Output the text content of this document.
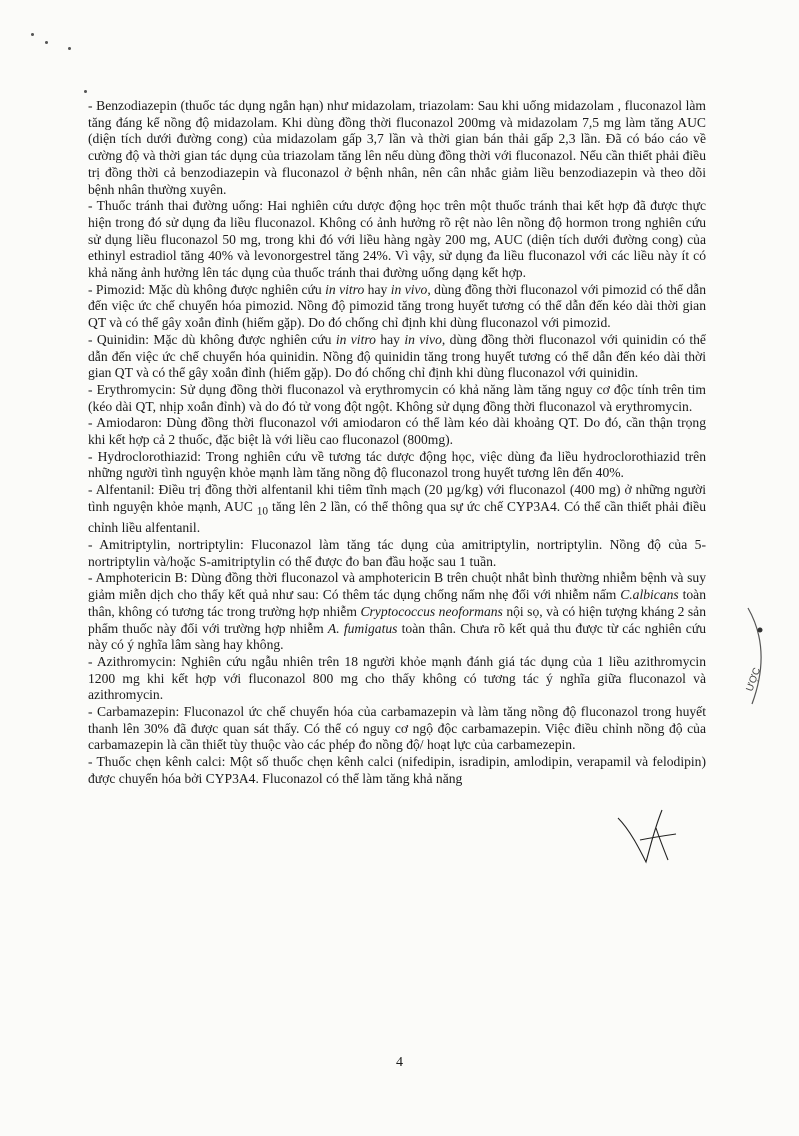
- Benzodiazepin (thuốc tác dụng ngắn hạn) như midazolam, triazolam: Sau khi uống midazolam , fluconazol làm tăng đáng kể nồng độ midazolam. Khi dùng đồng thời fluconazol 200mg và midazolam 7,5 mg làm tăng AUC (diện tích dưới đường cong) của midazolam gấp 3,7 lần và thời gian bán thải gấp 2,3 lần. Đã có báo cáo về cường độ và thời gian tác dụng của triazolam tăng lên nếu dùng đồng thời với fluconazol. Nếu cần thiết phải điều trị đồng thời cả benzodiazepin và fluconazol ở bệnh nhân, nên cân nhắc giảm liều benzodiazepin và theo dõi bệnh nhân thường xuyên.

- Thuốc tránh thai đường uống: Hai nghiên cứu dược động học trên một thuốc tránh thai kết hợp đã được thực hiện trong đó sử dụng đa liều fluconazol. Không có ảnh hưởng rõ rệt nào lên nồng độ hormon trong nghiên cứu sử dụng liều fluconazol 50 mg, trong khi đó với liều hàng ngày 200 mg, AUC (diện tích dưới đường cong) của ethinyl estradiol tăng 40% và levonorgestrel tăng 24%. Vì vậy, sử dụng đa liều fluconazol với các liều này ít có khả năng ảnh hưởng lên tác dụng của thuốc tránh thai đường uống dạng kết hợp.

- Pimozid: Mặc dù không được nghiên cứu in vitro hay in vivo, dùng đồng thời fluconazol với pimozid có thể dẫn đến việc ức chế chuyển hóa pimozid. Nồng độ pimozid tăng trong huyết tương có thể dẫn đến kéo dài thời gian QT và có thể gây xoắn đỉnh (hiếm gặp). Do đó chống chỉ định khi dùng fluconazol với pimozid.

- Quinidin: Mặc dù không được nghiên cứu in vitro hay in vivo, dùng đồng thời fluconazol với quinidin có thể dẫn đến việc ức chế chuyển hóa quinidin. Nồng độ quinidin tăng trong huyết tương có thể dẫn đến kéo dài thời gian QT và có thể gây xoắn đỉnh (hiếm gặp). Do đó chống chỉ định khi dùng fluconazol với quinidin.

- Erythromycin: Sử dụng đồng thời fluconazol và erythromycin có khả năng làm tăng nguy cơ độc tính trên tim (kéo dài QT, nhịp xoắn đỉnh) và do đó tử vong đột ngột. Không sử dụng đồng thời fluconazol và erythromycin.

- Amiodaron: Dùng đồng thời fluconazol với amiodaron có thể làm kéo dài khoảng QT. Do đó, cần thận trọng khi kết hợp cả 2 thuốc, đặc biệt là với liều cao fluconazol (800mg).

- Hydroclorothiazid: Trong nghiên cứu về tương tác dược động học, việc dùng đa liều hydroclorothiazid trên những người tình nguyện khỏe mạnh làm tăng nồng độ fluconazol trong huyết tương lên đến 40%.

- Alfentanil: Điều trị đồng thời alfentanil khi tiêm tĩnh mạch (20 µg/kg) với fluconazol (400 mg) ở những người tình nguyện khỏe mạnh, AUC $_{10}$ tăng lên 2 lần, có thể thông qua sự ức chế CYP3A4. Có thể cần thiết phải điều chỉnh liều alfentanil.

- Amitriptylin, nortriptylin: Fluconazol làm tăng tác dụng của amitriptylin, nortriptylin. Nồng độ của 5-nortriptylin và/hoặc S-amitriptylin có thể được đo ban đầu hoặc sau 1 tuần.

- Amphotericin B: Dùng đồng thời fluconazol và amphotericin B trên chuột nhắt bình thường nhiễm bệnh và suy giảm miễn dịch cho thấy kết quả như sau: Có thêm tác dụng chống nấm nhẹ đối với nhiễm nấm C.albicans toàn thân, không có tương tác trong trường hợp nhiễm Cryptococcus neoformans nội sọ, và có hiện tượng kháng 2 sản phẩm thuốc này đối với trường hợp nhiễm A. fumigatus toàn thân. Chưa rõ kết quả thu được từ các nghiên cứu này có ý nghĩa lâm sàng hay không.

- Azithromycin: Nghiên cứu ngẫu nhiên trên 18 người khỏe mạnh đánh giá tác dụng của 1 liều azithromycin 1200 mg khi kết hợp với fluconazol 800 mg cho thấy không có tương tác ý nghĩa giữa fluconazol và azithromycin.

- Carbamazepin: Fluconazol ức chế chuyển hóa của carbamazepin và làm tăng nồng độ fluconazol trong huyết thanh lên 30% đã được quan sát thấy. Có thể có nguy cơ ngộ độc carbamazepin. Việc điều chỉnh nồng độ của carbamazepin là cần thiết tùy thuộc vào các phép đo nồng độ/ hoạt lực của carbamezepin.

- Thuốc chẹn kênh calci: Một số thuốc chẹn kênh calci (nifedipin, isradipin, amlodipin, verapamil và felodipin) được chuyển hóa bởi CYP3A4. Fluconazol có thể làm tăng khả năng

4
ƯỢC
